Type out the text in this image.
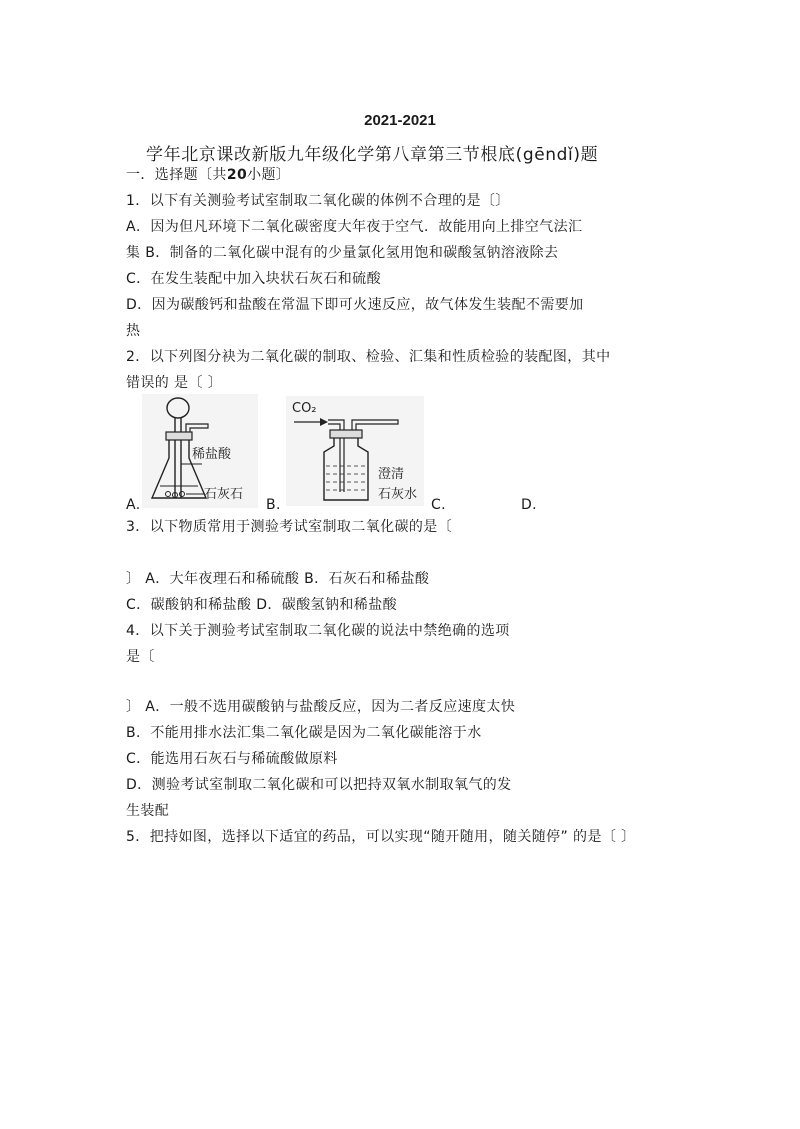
2021-2021
学年北京课改新版九年级化学第八章第三节根底(gēndǐ)题
一．选择题〔共20小题〕
1．以下有关测验考试室制取二氧化碳的体例不合理的是〔〕
A．因为但凡环境下二氧化碳密度大年夜于空气．故能用向上排空气法汇
集 B．制备的二氧化碳中混有的少量氯化氢用饱和碳酸氢钠溶液除去
C．在发生装配中加入块状石灰石和硫酸
D．因为碳酸钙和盐酸在常温下即可火速反应，故气体发生装配不需要加
热
2．以下列图分袂为二氧化碳的制取、检验、汇集和性质检验的装配图，其中
错误的 是〔 〕
稀盐酸
石灰石
CO₂
澄清
石灰水
A.	B.	C.	D.
3．以下物质常用于测验考试室制取二氧化碳的是〔
〕 A．大年夜理石和稀硫酸 B．石灰石和稀盐酸
C．碳酸钠和稀盐酸 D．碳酸氢钠和稀盐酸
4．以下关于测验考试室制取二氧化碳的说法中禁绝确的选项
是〔
〕 A．一般不选用碳酸钠与盐酸反应，因为二者反应速度太快
B．不能用排水法汇集二氧化碳是因为二氧化碳能溶于水
C．能选用石灰石与稀硫酸做原料
D．测验考试室制取二氧化碳和可以把持双氧水制取氧气的发
生装配
5．把持如图，选择以下适宜的药品，可以实现“随开随用，随关随停” 的是〔 〕
